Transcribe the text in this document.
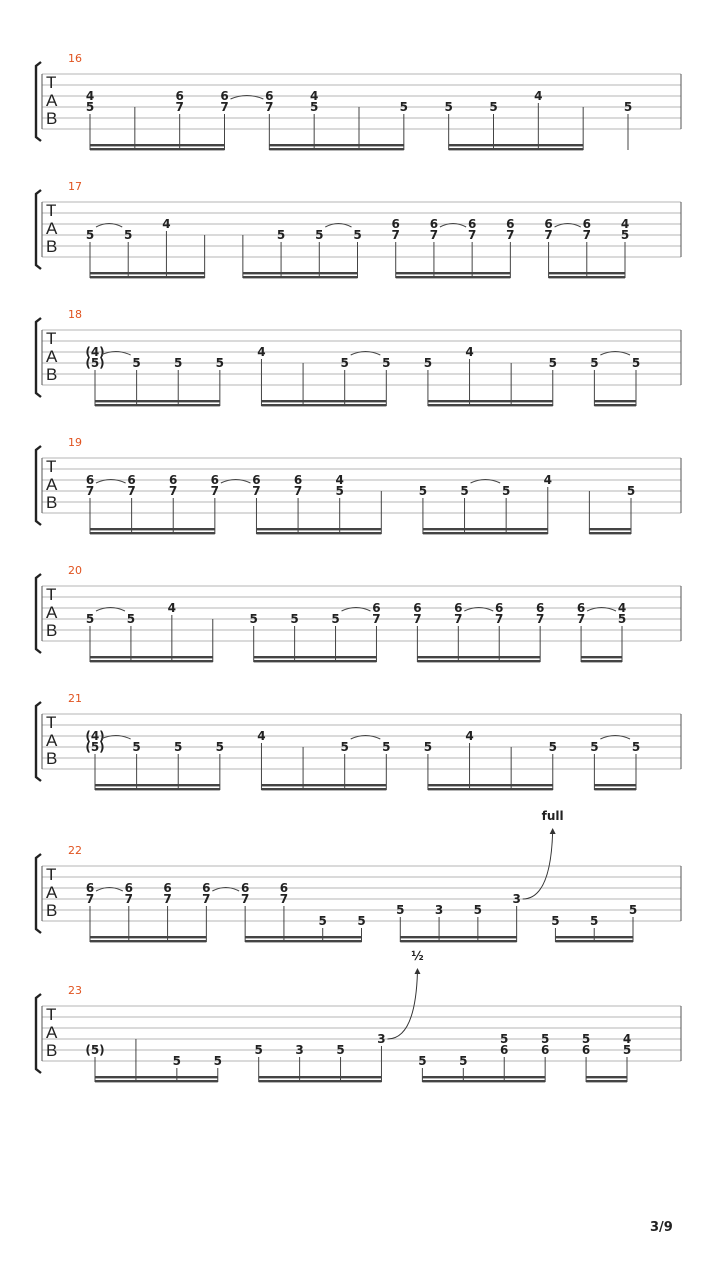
16
T
A
B
4
5
6
7
6
7
6
7
4
5	5	5	5
4
5
17
T
A
B
5 5
4
5 5 5
6
7
6
7
6
7
6
7
6
7
6
7
4
5
18
T
A
B
(4)
(5) 5	5	5
4
5	5	5
4
5	5	5
19
T
A
B
6
7
6
7
6
7
6
7
6
7
6
7
4
5	5	5	5
4
5
20
T
A
B
5	5
4
5	5	5
6
7
6
7
6
7
6
7
6
7
6
7
4
5
21
T
A
B
(4)
(5) 5	5	5
4
5	5	5
4
5	5	5
22
T
A
B
6
7
6
7
6
7
6
7
6
7
6
7
5	5
5	3	5
3
5	5
5
full
23
T
A
B (5)
5	5
5	3	5
3
5	5
5
6
5
6
5
6
4
5
½
3/9
